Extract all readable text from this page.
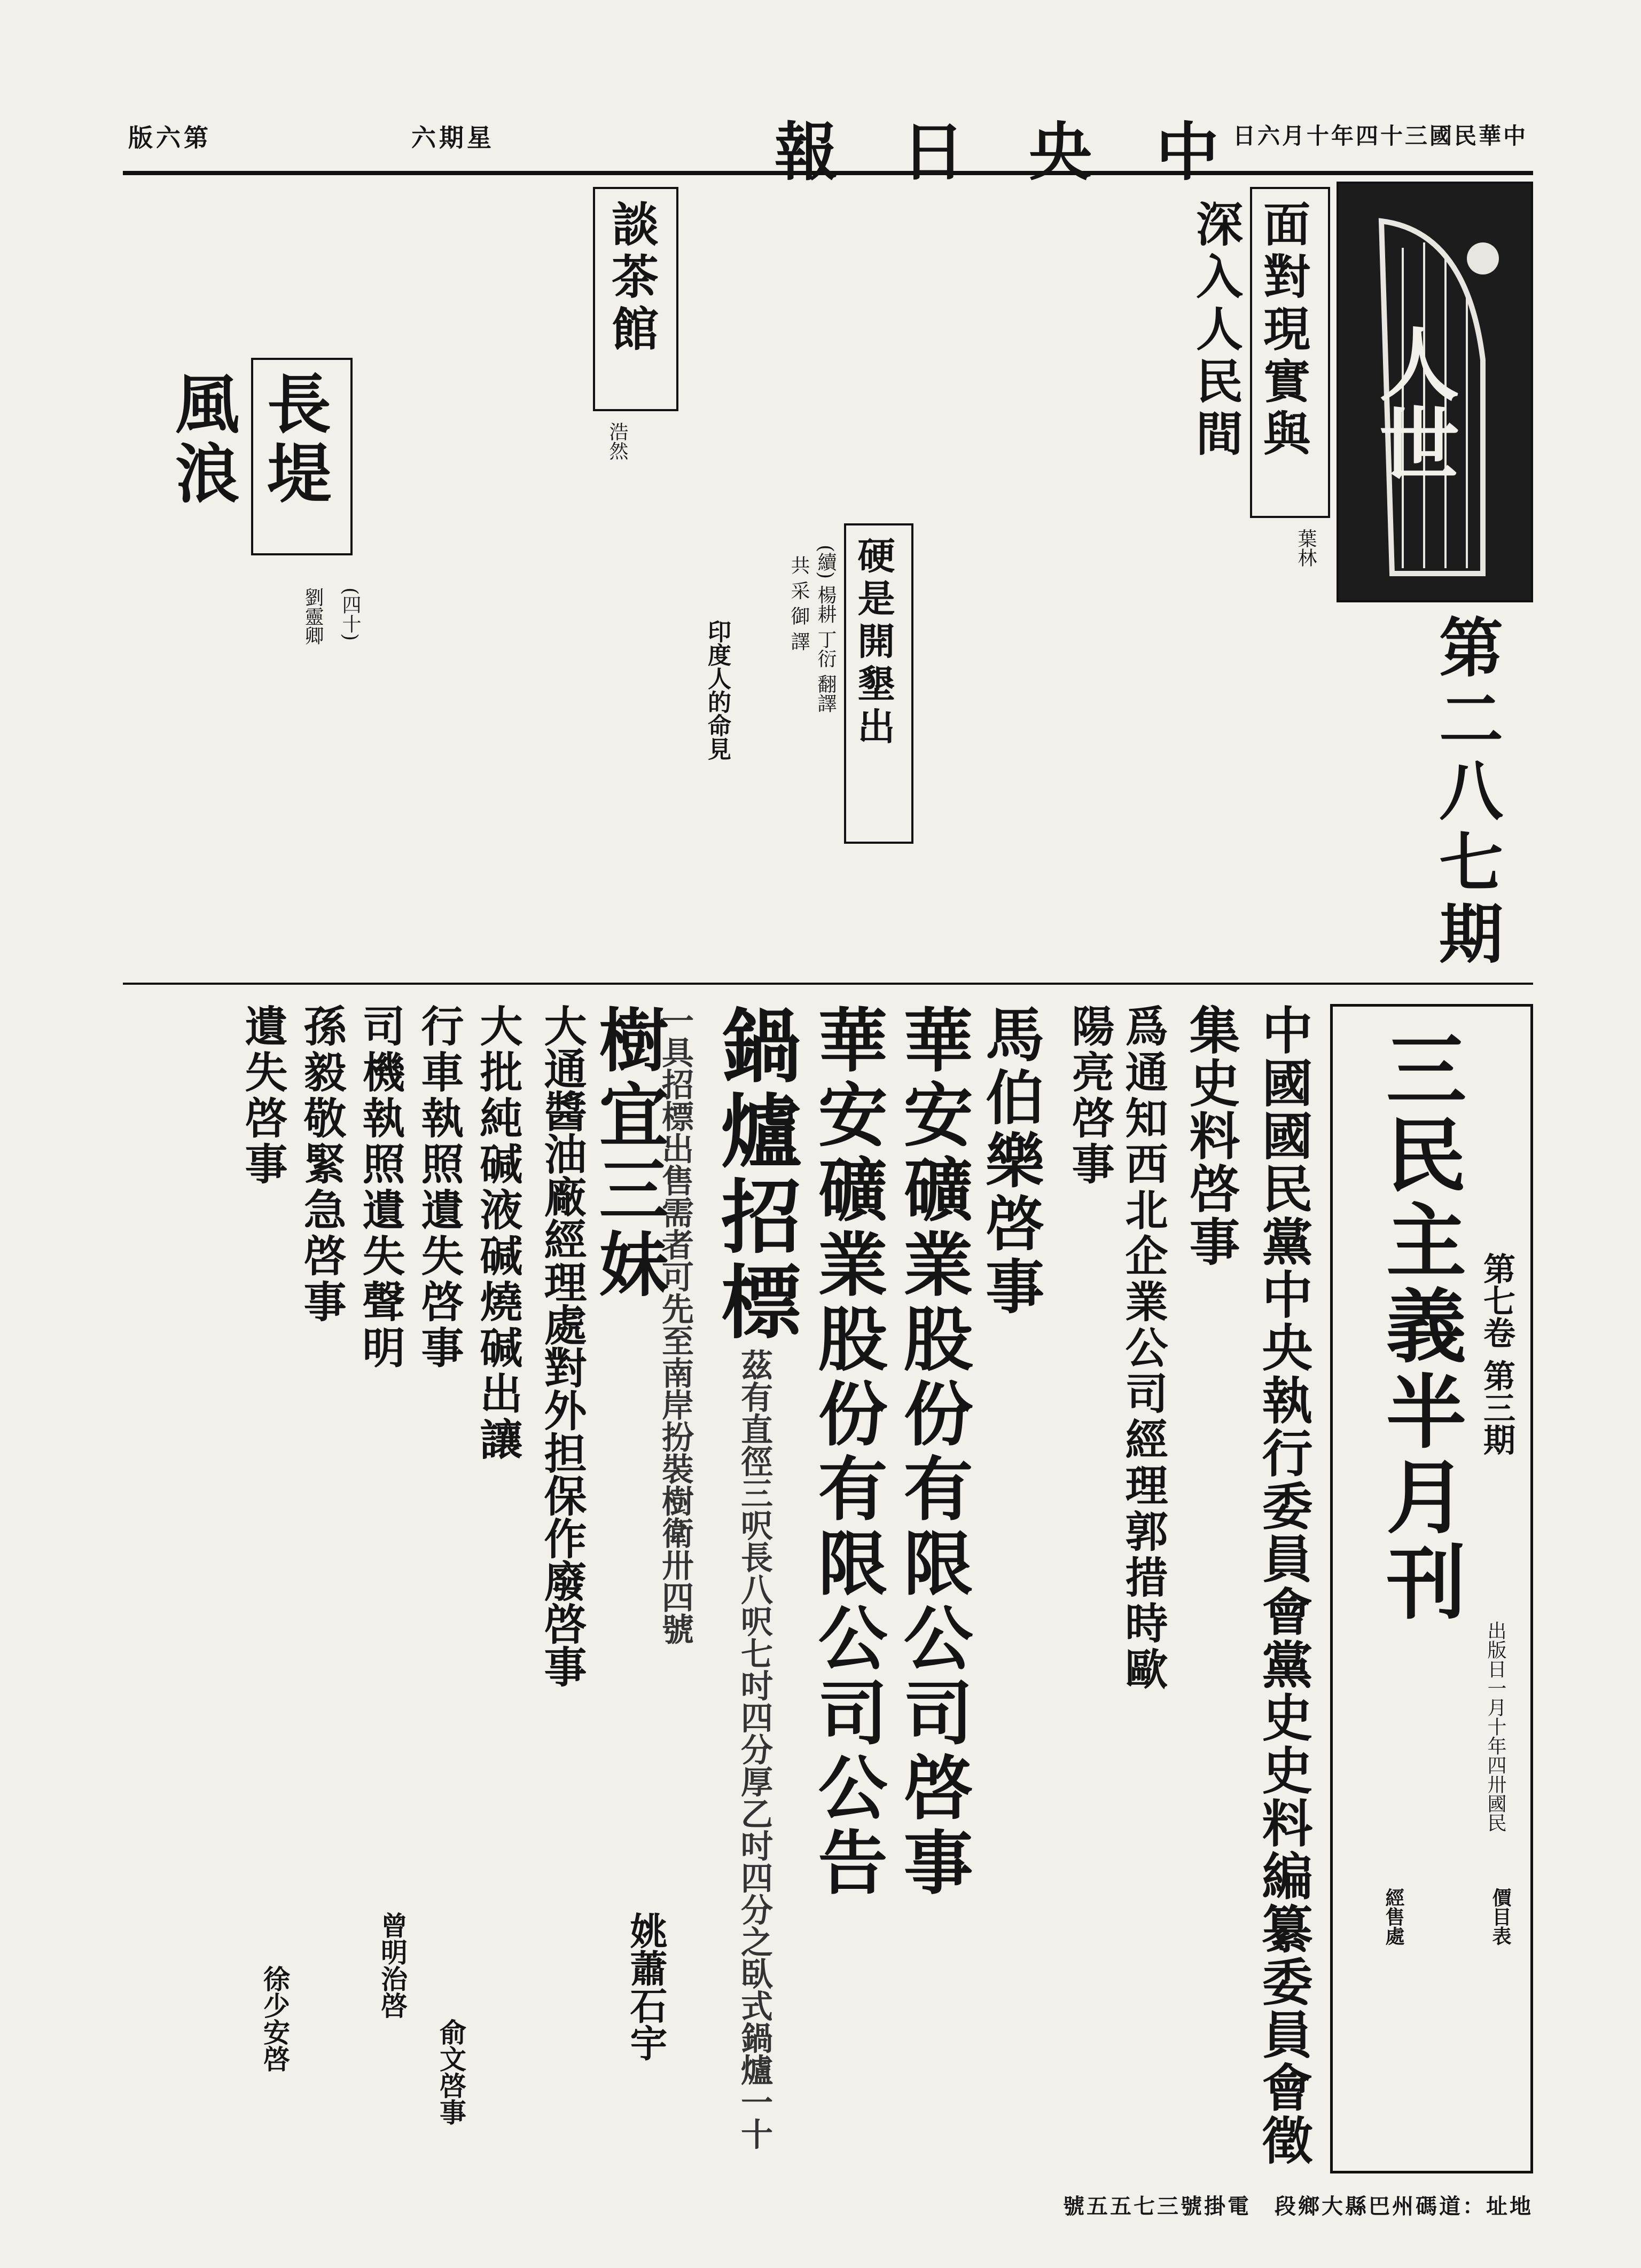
版六第	六期星	報日央中
日六月十年四十三國民華中
人世
第二八七期
面對現實與深入人民間
葉林
硬是開墾出
(續) 楊耕 丁衍 翻譯
共 采 御 譯
印度人的命見
談茶館
浩然
長堤風浪
(四十)
劉靈卿
三民主義半月刊 第七卷 第三期
出版日一月十年四卅國民
價目表
經售處
中國國民黨中央執行委員會黨史史料編纂委員會徵集史料啓事
爲通知西北企業公司經理郭措時歐陽亮啓事
馬伯樂啓事
華安礦業股份有限公司啓事
華安礦業股份有限公司公告
鍋爐招標 茲有直徑三呎長八呎七吋四分厚乙吋四分之臥式鍋爐一十一具招標出售需者可先至南岸扮裝樹衛卅四號
樹宜三妹
姚蕭石宇
大通醬油廠經理處對外担保作廢啓事
大批純碱液碱燒碱出讓
行車執照遺失啓事
俞文啓事
司機執照遺失聲明
曾明治啓
孫毅敬緊急啓事
遺失啓事
徐少安啓
號五五七三號掛電　段鄉大縣巴州碼道：址地
